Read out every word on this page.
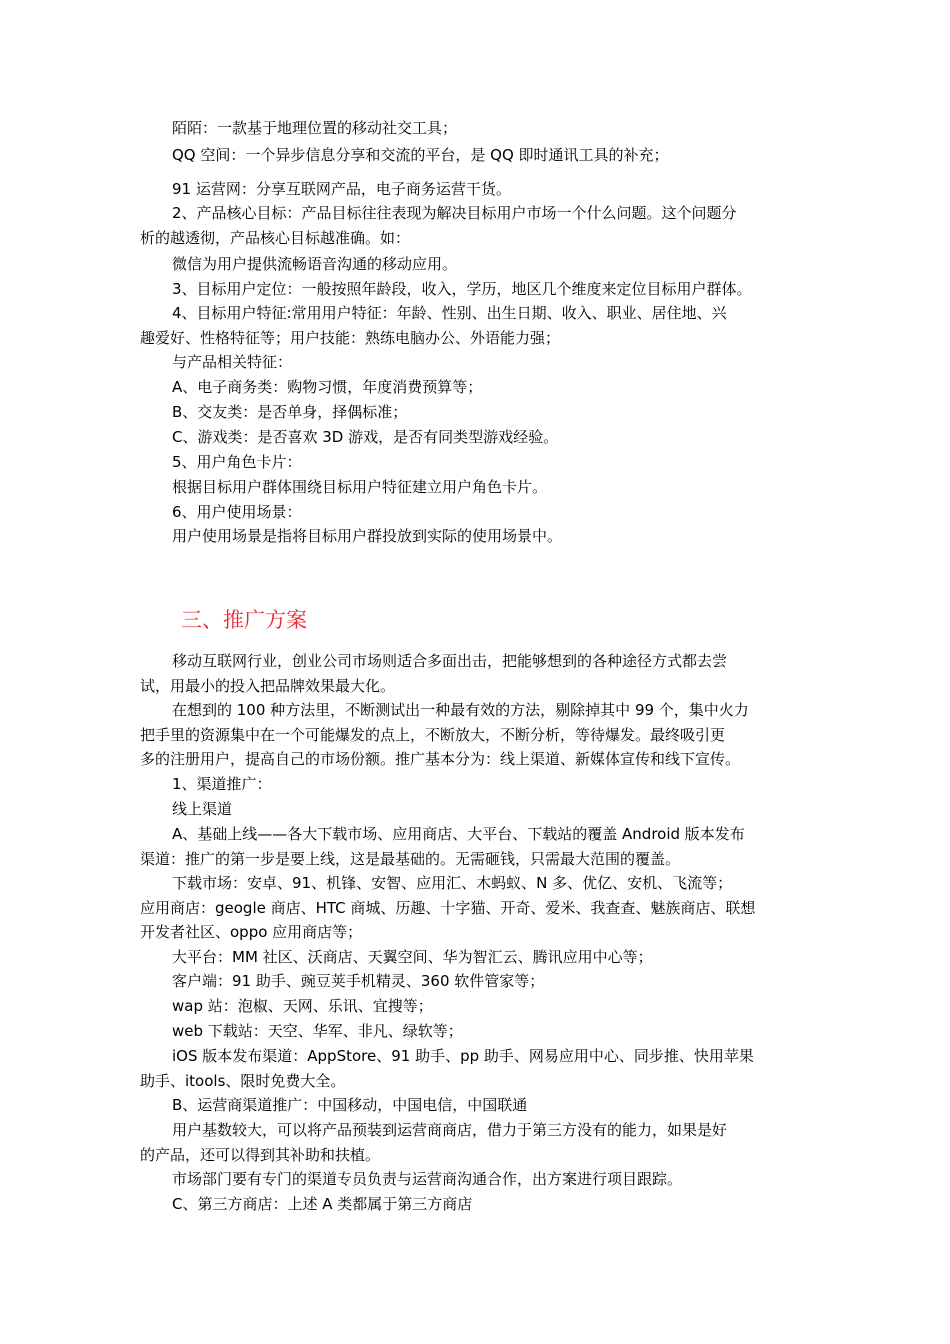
陌陌：一款基于地理位置的移动社交工具；
QQ 空间：一个异步信息分享和交流的平台，是 QQ 即时通讯工具的补充；
91 运营网：分享互联网产品，电子商务运营干货。
2、产品核心目标：产品目标往往表现为解决目标用户市场一个什么问题。这个问题分
析的越透彻，产品核心目标越准确。如：
微信为用户提供流畅语音沟通的移动应用。
3、目标用户定位：一般按照年龄段，收入，学历，地区几个维度来定位目标用户群体。
4、目标用户特征:常用用户特征：年龄、性别、出生日期、收入、职业、居住地、兴
趣爱好、性格特征等；用户技能：熟练电脑办公、外语能力强；
与产品相关特征：
A、电子商务类：购物习惯，年度消费预算等；
B、交友类：是否单身，择偶标准；
C、游戏类：是否喜欢 3D 游戏，是否有同类型游戏经验。
5、用户角色卡片：
根据目标用户群体围绕目标用户特征建立用户角色卡片。
6、用户使用场景：
用户使用场景是指将目标用户群投放到实际的使用场景中。
三、推广方案
移动互联网行业，创业公司市场则适合多面出击，把能够想到的各种途径方式都去尝
试，用最小的投入把品牌效果最大化。
在想到的 100 种方法里，不断测试出一种最有效的方法，剔除掉其中 99 个，集中火力
把手里的资源集中在一个可能爆发的点上，不断放大，不断分析，等待爆发。最终吸引更
多的注册用户，提高自己的市场份额。推广基本分为：线上渠道、新媒体宣传和线下宣传。
1、渠道推广：
线上渠道
A、基础上线——各大下载市场、应用商店、大平台、下载站的覆盖 Android 版本发布
渠道：推广的第一步是要上线，这是最基础的。无需砸钱，只需最大范围的覆盖。
下载市场：安卓、91、机锋、安智、应用汇、木蚂蚁、N 多、优亿、安机、飞流等；
应用商店：geogle 商店、HTC 商城、历趣、十字猫、开奇、爱米、我查查、魅族商店、联想
开发者社区、oppo 应用商店等；
大平台：MM 社区、沃商店、天翼空间、华为智汇云、腾讯应用中心等；
客户端：91 助手、豌豆荚手机精灵、360 软件管家等；
wap 站：泡椒、天网、乐讯、宜搜等；
web 下载站：天空、华军、非凡、绿软等；
iOS 版本发布渠道：AppStore、91 助手、pp 助手、网易应用中心、同步推、快用苹果
助手、itools、限时免费大全。
B、运营商渠道推广：中国移动，中国电信，中国联通
用户基数较大，可以将产品预装到运营商商店，借力于第三方没有的能力，如果是好
的产品，还可以得到其补助和扶植。
市场部门要有专门的渠道专员负责与运营商沟通合作，出方案进行项目跟踪。
C、第三方商店：上述 A 类都属于第三方商店
